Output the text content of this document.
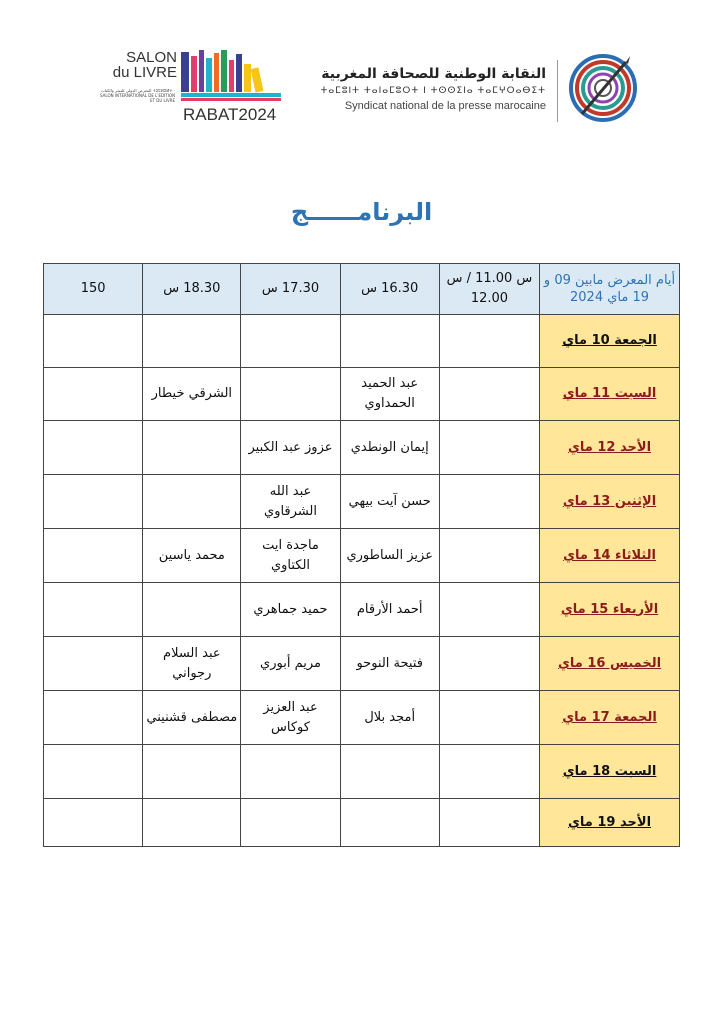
SALON
du LIVRE
المعرض الدولي للنشر والكتاب ⵜⵉⵎⵍⵉⵍⵜ · SALON INTERNATIONAL DE L'EDITION ET DU LIVRE
RABAT2024
النقابة الوطنية للصحافة المغربية
ⵜⴰⵎⵓⵏⵜ ⵜⴰⵏⴰⵎⵓⵔⵜ ⵏ ⵜⵙⵙⵉⵏⴰ ⵜⴰⵎⵖⵔⴰⴱⵉⵜ
Syndicat national de la presse marocaine
البرنامــــــج
أيام المعرض مابين 09 و 19 ماي 2024	س 11.00 / س 12.00	16.30 س	17.30 س	18.30 س	150
الجمعة 10 ماي					
السبت 11 ماي		عبد الحميد الحمداوي		الشرقي خيطار	
الأحد 12 ماي		إيمان الونطدي	عزوز عبد الكبير		
الإثنين 13 ماي		حسن آيت بيهي	عبد الله الشرقاوي		
الثلاثاء 14 ماي		عزيز الساطوري	ماجدة ايت الكتاوي	محمد ياسين	
الأربعاء 15 ماي		أحمد الأرقام	حميد جماهري		
الخميس 16 ماي		فتيحة النوحو	مريم أبوري	عبد السلام رجواني	
الجمعة 17 ماي		أمجد بلال	عبد العزيز كوكاس	مصطفى قشنيني	
السبت 18 ماي					
الأحد 19 ماي					
